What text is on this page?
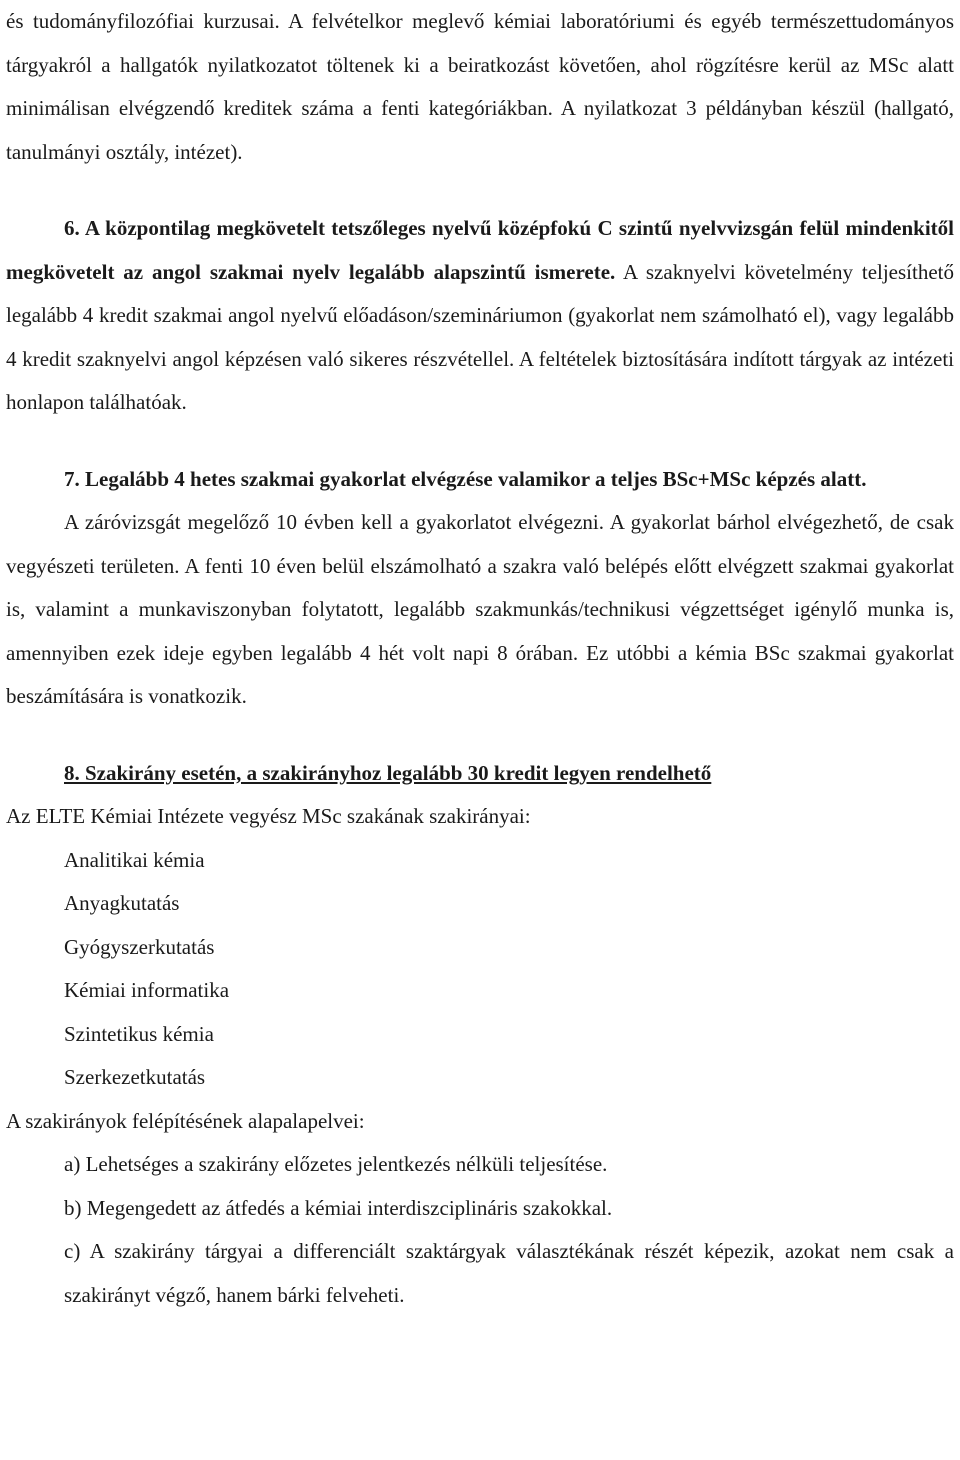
és tudományfilozófiai kurzusai. A felvételkor meglevő kémiai laboratóriumi és egyéb természettudományos tárgyakról a hallgatók nyilatkozatot töltenek ki a beiratkozást követően, ahol rögzítésre kerül az MSc alatt minimálisan elvégzendő kreditek száma a fenti kategóriákban. A nyilatkozat 3 példányban készül (hallgató, tanulmányi osztály, intézet).

6. A központilag megkövetelt tetszőleges nyelvű középfokú C szintű nyelvvizsgán felül mindenkitől megkövetelt az angol szakmai nyelv legalább alapszintű ismerete. A szaknyelvi követelmény teljesíthető legalább 4 kredit szakmai angol nyelvű előadáson/szemináriumon (gyakorlat nem számolható el), vagy legalább 4 kredit szaknyelvi angol képzésen való sikeres részvétellel. A feltételek biztosítására indított tárgyak az intézeti honlapon találhatóak.

7. Legalább 4 hetes szakmai gyakorlat elvégzése valamikor a teljes BSc+MSc képzés alatt.

A záróvizsgát megelőző 10 évben kell a gyakorlatot elvégezni. A gyakorlat bárhol elvégezhető, de csak vegyészeti területen. A fenti 10 éven belül elszámolható a szakra való belépés előtt elvégzett szakmai gyakorlat is, valamint a munkaviszonyban folytatott, legalább szakmunkás/technikusi végzettséget igénylő munka is, amennyiben ezek ideje egyben legalább 4 hét volt napi 8 órában. Ez utóbbi a kémia BSc szakmai gyakorlat beszámítására is vonatkozik.

8. Szakirány esetén, a szakirányhoz legalább 30 kredit legyen rendelhető

Az ELTE Kémiai Intézete vegyész MSc szakának szakirányai:

Analitikai kémia

Anyagkutatás

Gyógyszerkutatás

Kémiai informatika

Szintetikus kémia

Szerkezetkutatás

A szakirányok felépítésének alapalapelvei:

a) Lehetséges a szakirány előzetes jelentkezés nélküli teljesítése.

b) Megengedett az átfedés a kémiai interdiszciplináris szakokkal.

c) A szakirány tárgyai a differenciált szaktárgyak választékának részét képezik, azokat nem csak a szakirányt végző, hanem bárki felveheti.
